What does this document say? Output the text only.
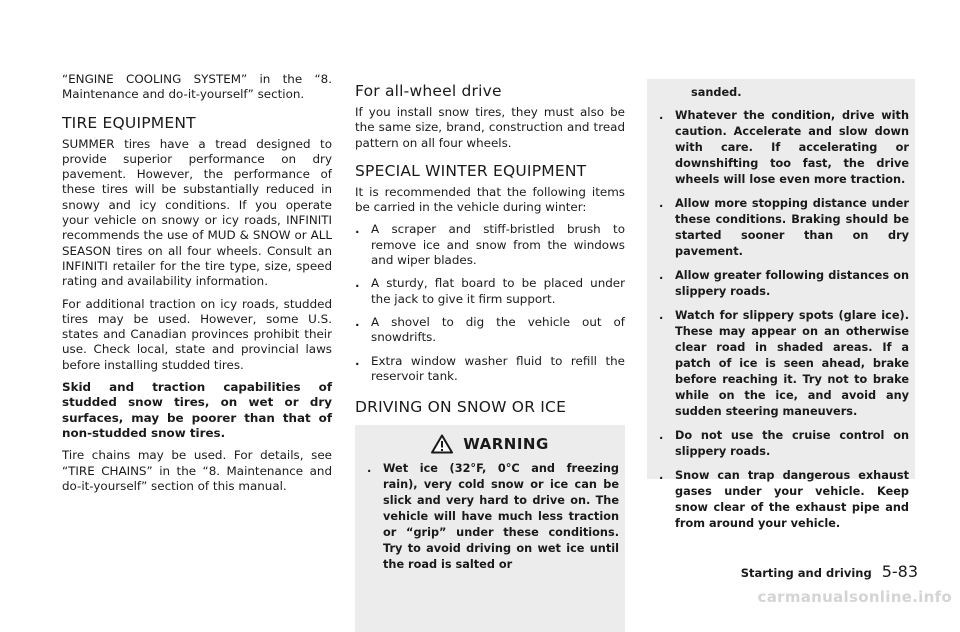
“ENGINE COOLING SYSTEM” in the “8. Maintenance and do-it-yourself” section.

TIRE EQUIPMENT

SUMMER tires have a tread designed to provide superior performance on dry pavement. However, the performance of these tires will be substantially reduced in snowy and icy conditions. If you operate your vehicle on snowy or icy roads, INFINITI recommends the use of MUD & SNOW or ALL SEASON tires on all four wheels. Consult an INFINITI retailer for the tire type, size, speed rating and availability information.

For additional traction on icy roads, studded tires may be used. However, some U.S. states and Canadian provinces prohibit their use. Check local, state and provincial laws before installing studded tires.

Skid and traction capabilities of studded snow tires, on wet or dry surfaces, may be poorer than that of non-studded snow tires.

Tire chains may be used. For details, see “TIRE CHAINS” in the “8. Maintenance and do-it-yourself” section of this manual.

For all-wheel drive

If you install snow tires, they must also be the same size, brand, construction and tread pattern on all four wheels.

SPECIAL WINTER EQUIPMENT

It is recommended that the following items be carried in the vehicle during winter:

. A scraper and stiff-bristled brush to remove ice and snow from the windows and wiper blades.
. A sturdy, flat board to be placed under the jack to give it firm support.
. A shovel to dig the vehicle out of snowdrifts.
. Extra window washer fluid to refill the reservoir tank.
DRIVING ON SNOW OR ICE
WARNING
.	Wet ice (32°F, 0°C and freezing rain), very cold snow or ice can be slick and very hard to drive on. The vehicle will have much less traction or “grip” under these conditions. Try to avoid driving on wet ice until the road is salted or

sanded.

.	Whatever the condition, drive with caution. Accelerate and slow down with care. If accelerating or downshifting too fast, the drive wheels will lose even more traction.
.	Allow more stopping distance under these conditions. Braking should be started sooner than on dry pavement.
.	Allow greater following distances on slippery roads.
.	Watch for slippery spots (glare ice). These may appear on an otherwise clear road in shaded areas. If a patch of ice is seen ahead, brake before reaching it. Try not to brake while on the ice, and avoid any sudden steering maneuvers.
.	Do not use the cruise control on slippery roads.
.	Snow can trap dangerous exhaust gases under your vehicle. Keep snow clear of the exhaust pipe and from around your vehicle.
Starting and driving 5-83
carmanualsonline.info
